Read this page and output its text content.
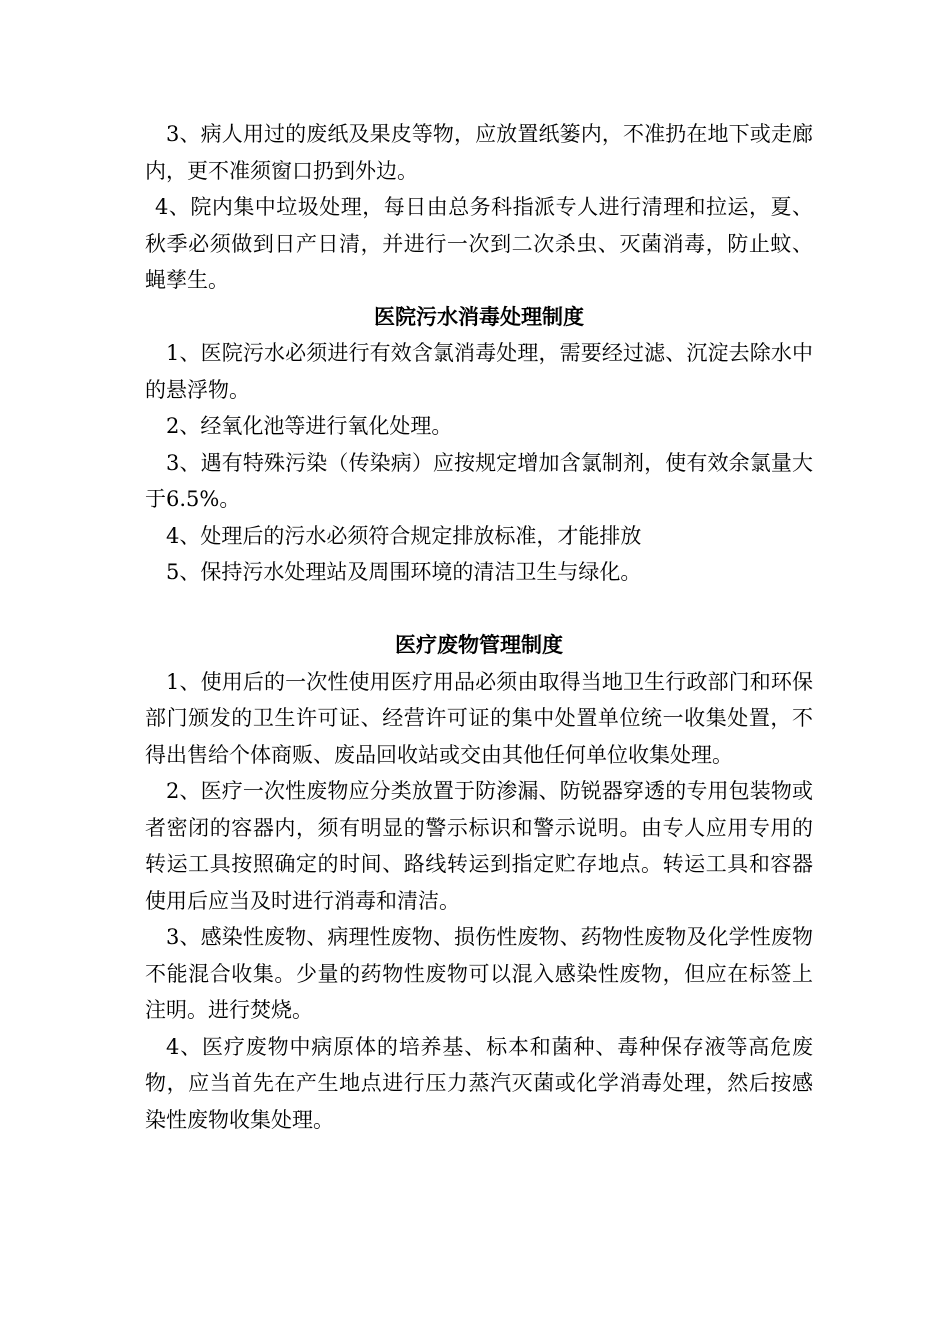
3、病人用过的废纸及果皮等物，应放置纸篓内，不准扔在地下或走廊内，更不准须窗口扔到外边。

4、院内集中垃圾处理，每日由总务科指派专人进行清理和拉运，夏、秋季必须做到日产日清，并进行一次到二次杀虫、灭菌消毒，防止蚊、蝇孳生。

医院污水消毒处理制度

1、医院污水必须进行有效含氯消毒处理，需要经过滤、沉淀去除水中的悬浮物。

2、经氧化池等进行氧化处理。

3、遇有特殊污染（传染病）应按规定增加含氯制剂，使有效余氯量大于6.5%。

4、处理后的污水必须符合规定排放标准，才能排放

5、保持污水处理站及周围环境的清洁卫生与绿化。

医疗废物管理制度

1、使用后的一次性使用医疗用品必须由取得当地卫生行政部门和环保部门颁发的卫生许可证、经营许可证的集中处置单位统一收集处置，不得出售给个体商贩、废品回收站或交由其他任何单位收集处理。

2、医疗一次性废物应分类放置于防渗漏、防锐器穿透的专用包装物或者密闭的容器内，须有明显的警示标识和警示说明。由专人应用专用的转运工具按照确定的时间、路线转运到指定贮存地点。转运工具和容器使用后应当及时进行消毒和清洁。

3、感染性废物、病理性废物、损伤性废物、药物性废物及化学性废物不能混合收集。少量的药物性废物可以混入感染性废物，但应在标签上注明。进行焚烧。

4、医疗废物中病原体的培养基、标本和菌种、毒种保存液等高危废物，应当首先在产生地点进行压力蒸汽灭菌或化学消毒处理，然后按感染性废物收集处理。
